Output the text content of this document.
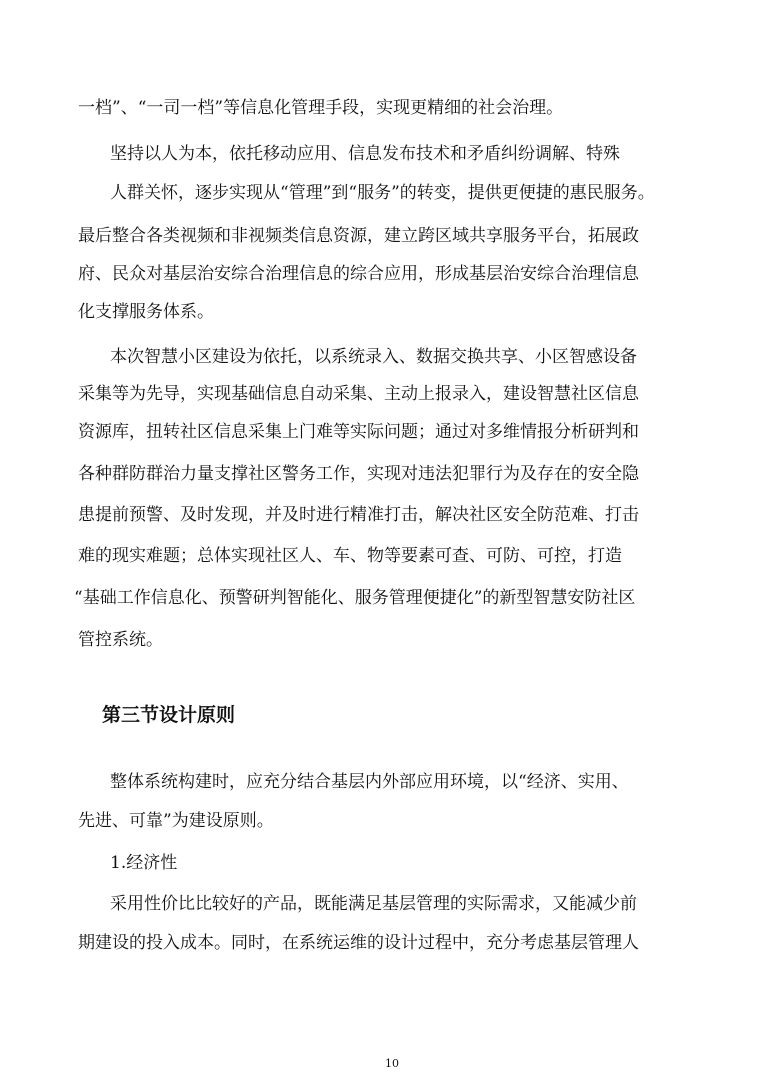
一档”、“一司一档”等信息化管理手段，实现更精细的社会治理。
坚持以人为本，依托移动应用、信息发布技术和矛盾纠纷调解、特殊
人群关怀，逐步实现从“管理”到“服务”的转变，提供更便捷的惠民服务。
最后整合各类视频和非视频类信息资源，建立跨区域共享服务平台，拓展政
府、民众对基层治安综合治理信息的综合应用，形成基层治安综合治理信息
化支撑服务体系。
本次智慧小区建设为依托，以系统录入、数据交换共享、小区智感设备
采集等为先导，实现基础信息自动采集、主动上报录入，建设智慧社区信息
资源库，扭转社区信息采集上门难等实际问题；通过对多维情报分析研判和
各种群防群治力量支撑社区警务工作，实现对违法犯罪行为及存在的安全隐
患提前预警、及时发现，并及时进行精准打击，解决社区安全防范难、打击
难的现实难题；总体实现社区人、车、物等要素可查、可防、可控，打造
“基础工作信息化、预警研判智能化、服务管理便捷化”的新型智慧安防社区
管控系统。
第三节设计原则
整体系统构建时，应充分结合基层内外部应用环境，以“经济、实用、
先进、可靠”为建设原则。
1.经济性
采用性价比比较好的产品，既能满足基层管理的实际需求，又能减少前
期建设的投入成本。同时，在系统运维的设计过程中，充分考虑基层管理人
10
